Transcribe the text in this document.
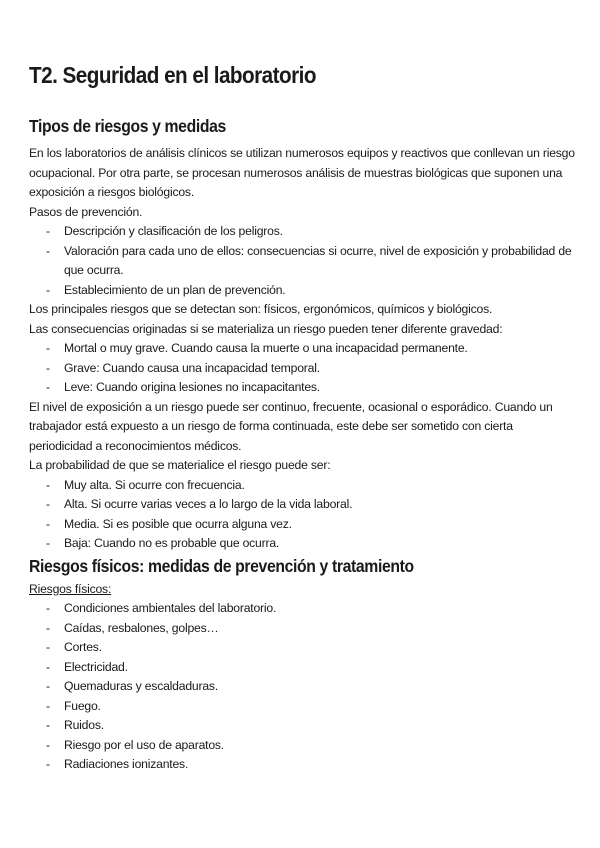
T2. Seguridad en el laboratorio
Tipos de riesgos y medidas
En los laboratorios de análisis clínicos se utilizan numerosos equipos y reactivos que conllevan un riesgo ocupacional. Por otra parte, se procesan numerosos análisis de muestras biológicas que suponen una exposición a riesgos biológicos.
Pasos de prevención.
- Descripción y clasificación de los peligros.
- Valoración para cada uno de ellos: consecuencias si ocurre, nivel de exposición y probabilidad de que ocurra.
- Establecimiento de un plan de prevención.
Los principales riesgos que se detectan son: físicos, ergonómicos, químicos y biológicos.
Las consecuencias originadas si se materializa un riesgo pueden tener diferente gravedad:
- Mortal o muy grave. Cuando causa la muerte o una incapacidad permanente.
- Grave: Cuando causa una incapacidad temporal.
- Leve: Cuando origina lesiones no incapacitantes.
El nivel de exposición a un riesgo puede ser continuo, frecuente, ocasional o esporádico. Cuando un trabajador está expuesto a un riesgo de forma continuada, este debe ser sometido con cierta periodicidad a reconocimientos médicos.
La probabilidad de que se materialice el riesgo puede ser:
- Muy alta. Si ocurre con frecuencia.
- Alta. Si ocurre varias veces a lo largo de la vida laboral.
- Media. Si es posible que ocurra alguna vez.
- Baja: Cuando no es probable que ocurra.
Riesgos físicos: medidas de prevención y tratamiento
Riesgos físicos:
- Condiciones ambientales del laboratorio.
- Caídas, resbalones, golpes…
- Cortes.
- Electricidad.
- Quemaduras y escaldaduras.
- Fuego.
- Ruidos.
- Riesgo por el uso de aparatos.
- Radiaciones ionizantes.
